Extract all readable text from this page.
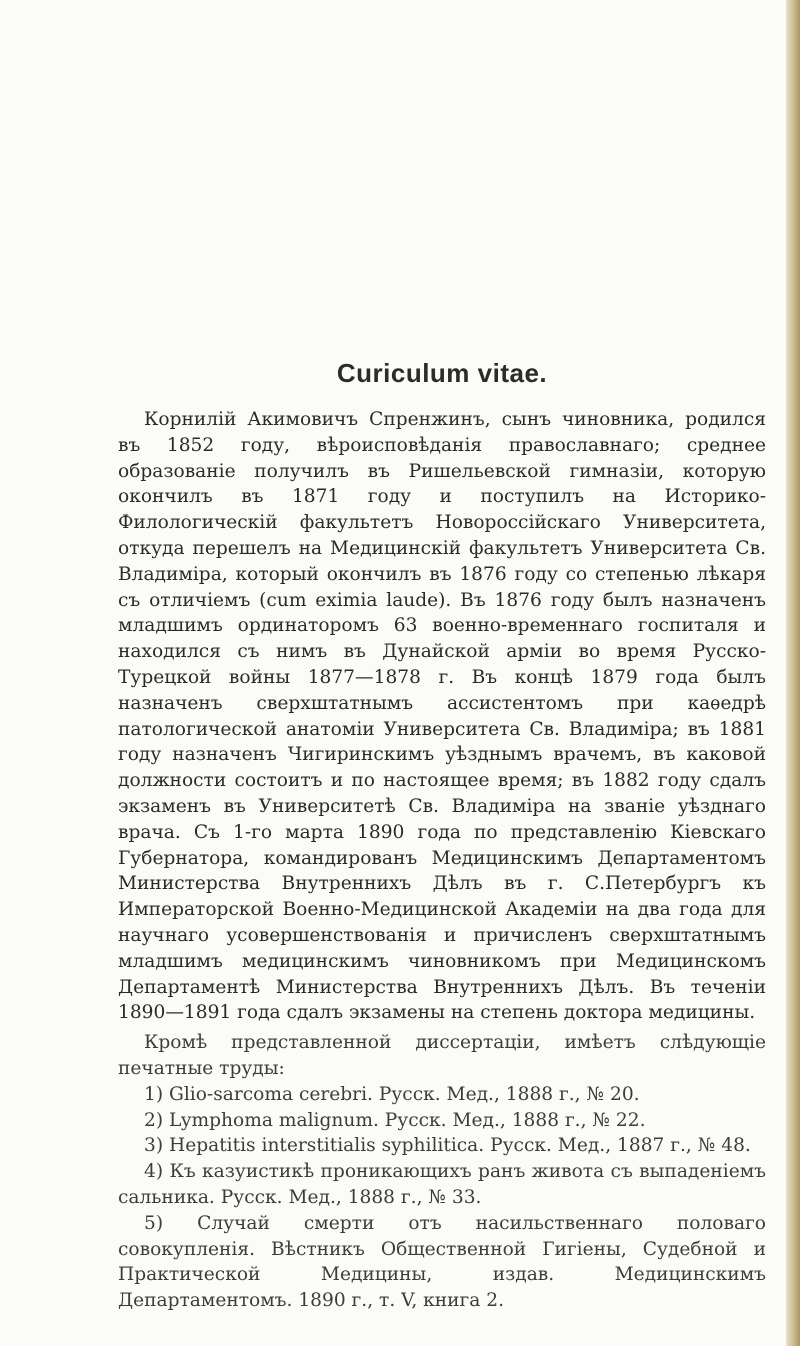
Curiculum vitae.

Корнилій Акимовичъ Спренжинъ, сынъ чиновника, родился въ 1852 году, вѣроисповѣданія православнаго; среднее образованіе получилъ въ Ришельевской гимназіи, которую окончилъ въ 1871 году и поступилъ на Историко-Филологическій факультетъ Новороссійскаго Университета, откуда перешелъ на Медицинскій факультетъ Университета Св. Владиміра, который окончилъ въ 1876 году со степенью лѣкаря съ отличіемъ (cum eximia laude). Въ 1876 году былъ назначенъ младшимъ ординаторомъ 63 военно-временнаго госпиталя и находился съ нимъ въ Дунайской арміи во время Русско-Турецкой войны 1877—1878 г. Въ концѣ 1879 года былъ назначенъ сверхштатнымъ ассистентомъ при каѳедрѣ патологической анатоміи Университета Св. Владиміра; въ 1881 году назначенъ Чигиринскимъ уѣзднымъ врачемъ, въ каковой должности состоитъ и по настоящее время; въ 1882 году сдалъ экзаменъ въ Университетѣ Св. Владиміра на званіе уѣзднаго врача. Съ 1-го марта 1890 года по представленію Кіевскаго Губернатора, командированъ Медицинскимъ Департаментомъ Министерства Внутреннихъ Дѣлъ въ г. С.Петербургъ къ Императорской Военно-Медицинской Академіи на два года для научнаго усовершенствованія и причисленъ сверхштатнымъ младшимъ медицинскимъ чиновникомъ при Медицинскомъ Департаментѣ Министерства Внутреннихъ Дѣлъ. Въ теченіи 1890—1891 года сдалъ экзамены на степень доктора медицины.

Кромѣ представленной диссертаціи, имѣетъ слѣдующіе печатные труды:

1) Glio-sarcoma cerebri. Русск. Мед., 1888 г., № 20.
2) Lymphoma malignum. Русск. Мед., 1888 г., № 22.
3) Hepatitis interstitialis syphilitica. Русск. Мед., 1887 г., № 48.
4) Къ казуистикѣ проникающихъ ранъ живота съ выпаденіемъ сальника. Русск. Мед., 1888 г., № 33.
5) Случай смерти отъ насильственнаго половаго совокупленія. Вѣстникъ Общественной Гигіены, Судебной и Практической Медицины, издав. Медицинскимъ Департаментомъ. 1890 г., т. V, книга 2.
